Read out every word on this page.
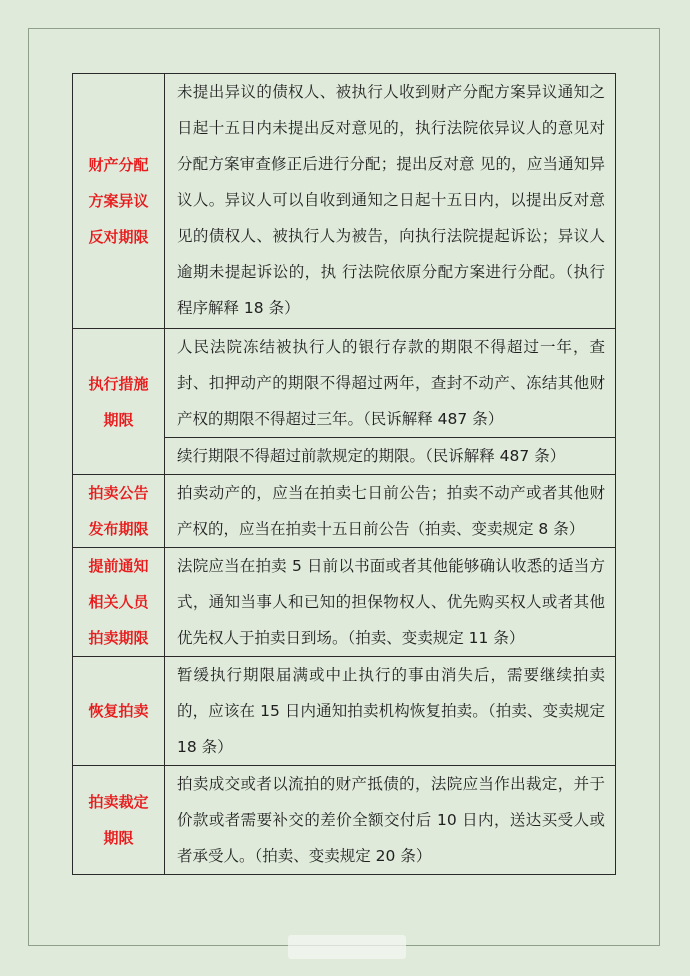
财产分配
方案异议
反对期限	未提出异议的债权人、被执行人收到财产分配方案异议通知之日起十五日内未提出反对意见的，执行法院依异议人的意见对分配方案审查修正后进行分配；提出反对意 见的，应当通知异议人。异议人可以自收到通知之日起十五日内，以提出反对意见的债权人、被执行人为被告，向执行法院提起诉讼；异议人逾期未提起诉讼的，执 行法院依原分配方案进行分配。（执行程序解释 18 条）

执行措施
期限	人民法院冻结被执行人的银行存款的期限不得超过一年，查封、扣押动产的期限不得超过两年，查封不动产、冻结其他财产权的期限不得超过三年。（民诉解释 487 条）
	续行期限不得超过前款规定的期限。（民诉解释 487 条）

拍卖公告
发布期限	拍卖动产的，应当在拍卖七日前公告；拍卖不动产或者其他财产权的，应当在拍卖十五日前公告（拍卖、变卖规定 8 条）

提前通知
相关人员
拍卖期限	法院应当在拍卖 5 日前以书面或者其他能够确认收悉的适当方式，通知当事人和已知的担保物权人、优先购买权人或者其他优先权人于拍卖日到场。（拍卖、变卖规定 11 条）

恢复拍卖	暂缓执行期限届满或中止执行的事由消失后，需要继续拍卖的，应该在 15 日内通知拍卖机构恢复拍卖。（拍卖、变卖规定 18 条）

拍卖裁定
期限	拍卖成交或者以流拍的财产抵债的，法院应当作出裁定，并于价款或者需要补交的差价全额交付后 10 日内，送达买受人或者承受人。（拍卖、变卖规定 20 条）
